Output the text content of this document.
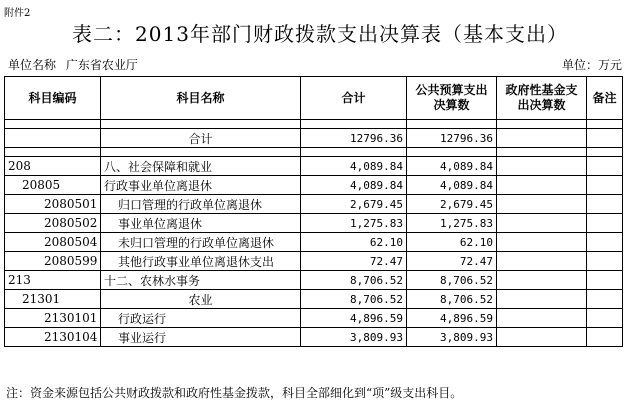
附件2
表二：2013年部门财政拨款支出决算表（基本支出）
单位名称 广东省农业厅	单位：万元
科目编码	科目名称	合计	公共预算支出决算数	政府性基金支出决算数	备注

	合计	12796.36	12796.36		

208	八、社会保障和就业	4,089.84	4,089.84		
20805	行政事业单位离退休	4,089.84	4,089.84		
2080501	归口管理的行政单位离退休	2,679.45	2,679.45		
2080502	事业单位离退休	1,275.83	1,275.83		
2080504	未归口管理的行政单位离退休	62.10	62.10		
2080599	其他行政事业单位离退休支出	72.47	72.47		
213	十二、农林水事务	8,706.52	8,706.52		
21301	农业	8,706.52	8,706.52		
2130101	行政运行	4,896.59	4,896.59		
2130104	事业运行	3,809.93	3,809.93		
注：资金来源包括公共财政拨款和政府性基金拨款，科目全部细化到“项”级支出科目。
